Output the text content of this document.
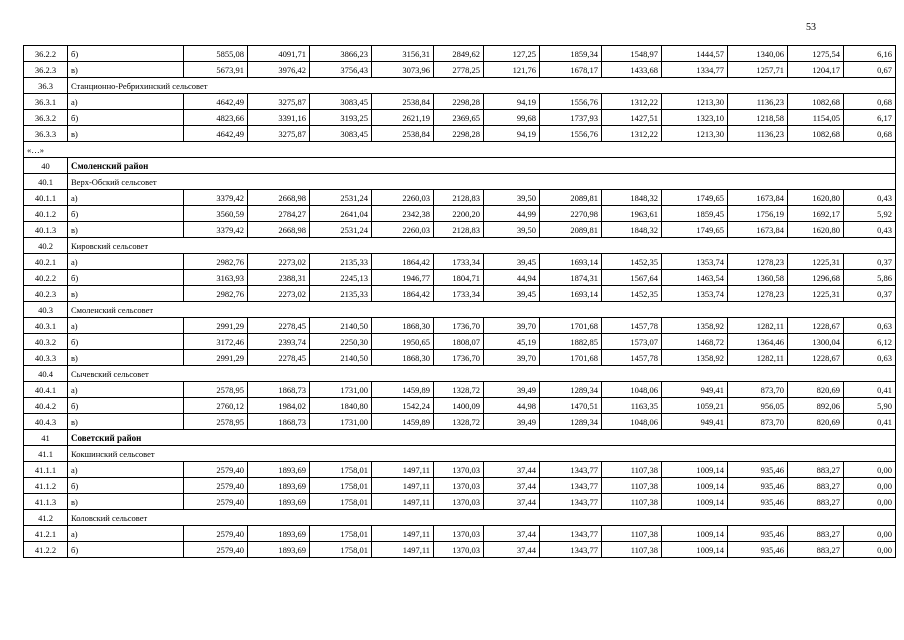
53
36.2.2	б)	5855,08	4091,71	3866,23	3156,31	2849,62	127,25	1859,34	1548,97	1444,57	1340,06	1275,54	6,16
36.2.3	в)	5673,91	3976,42	3756,43	3073,96	2778,25	121,76	1678,17	1433,68	1334,77	1257,71	1204,17	0,67
36.3	Станционно-Ребрихинский сельсовет												
36.3.1	а)	4642,49	3275,87	3083,45	2538,84	2298,28	94,19	1556,76	1312,22	1213,30	1136,23	1082,68	0,68
36.3.2	б)	4823,66	3391,16	3193,25	2621,19	2369,65	99,68	1737,93	1427,51	1323,10	1218,58	1154,05	6,17
36.3.3	в)	4642,49	3275,87	3083,45	2538,84	2298,28	94,19	1556,76	1312,22	1213,30	1136,23	1082,68	0,68
«…»													
40	Смоленский район												
40.1	Верх-Обский сельсовет												
40.1.1	а)	3379,42	2668,98	2531,24	2260,03	2128,83	39,50	2089,81	1848,32	1749,65	1673,84	1620,80	0,43
40.1.2	б)	3560,59	2784,27	2641,04	2342,38	2200,20	44,99	2270,98	1963,61	1859,45	1756,19	1692,17	5,92
40.1.3	в)	3379,42	2668,98	2531,24	2260,03	2128,83	39,50	2089,81	1848,32	1749,65	1673,84	1620,80	0,43
40.2	Кировский сельсовет												
40.2.1	а)	2982,76	2273,02	2135,33	1864,42	1733,34	39,45	1693,14	1452,35	1353,74	1278,23	1225,31	0,37
40.2.2	б)	3163,93	2388,31	2245,13	1946,77	1804,71	44,94	1874,31	1567,64	1463,54	1360,58	1296,68	5,86
40.2.3	в)	2982,76	2273,02	2135,33	1864,42	1733,34	39,45	1693,14	1452,35	1353,74	1278,23	1225,31	0,37
40.3	Смоленский сельсовет												
40.3.1	а)	2991,29	2278,45	2140,50	1868,30	1736,70	39,70	1701,68	1457,78	1358,92	1282,11	1228,67	0,63
40.3.2	б)	3172,46	2393,74	2250,30	1950,65	1808,07	45,19	1882,85	1573,07	1468,72	1364,46	1300,04	6,12
40.3.3	в)	2991,29	2278,45	2140,50	1868,30	1736,70	39,70	1701,68	1457,78	1358,92	1282,11	1228,67	0,63
40.4	Сычевский сельсовет												
40.4.1	а)	2578,95	1868,73	1731,00	1459,89	1328,72	39,49	1289,34	1048,06	949,41	873,70	820,69	0,41
40.4.2	б)	2760,12	1984,02	1840,80	1542,24	1400,09	44,98	1470,51	1163,35	1059,21	956,05	892,06	5,90
40.4.3	в)	2578,95	1868,73	1731,00	1459,89	1328,72	39,49	1289,34	1048,06	949,41	873,70	820,69	0,41
41	Советский район												
41.1	Кокшинский сельсовет												
41.1.1	а)	2579,40	1893,69	1758,01	1497,11	1370,03	37,44	1343,77	1107,38	1009,14	935,46	883,27	0,00
41.1.2	б)	2579,40	1893,69	1758,01	1497,11	1370,03	37,44	1343,77	1107,38	1009,14	935,46	883,27	0,00
41.1.3	в)	2579,40	1893,69	1758,01	1497,11	1370,03	37,44	1343,77	1107,38	1009,14	935,46	883,27	0,00
41.2	Коловский сельсовет												
41.2.1	а)	2579,40	1893,69	1758,01	1497,11	1370,03	37,44	1343,77	1107,38	1009,14	935,46	883,27	0,00
41.2.2	б)	2579,40	1893,69	1758,01	1497,11	1370,03	37,44	1343,77	1107,38	1009,14	935,46	883,27	0,00
